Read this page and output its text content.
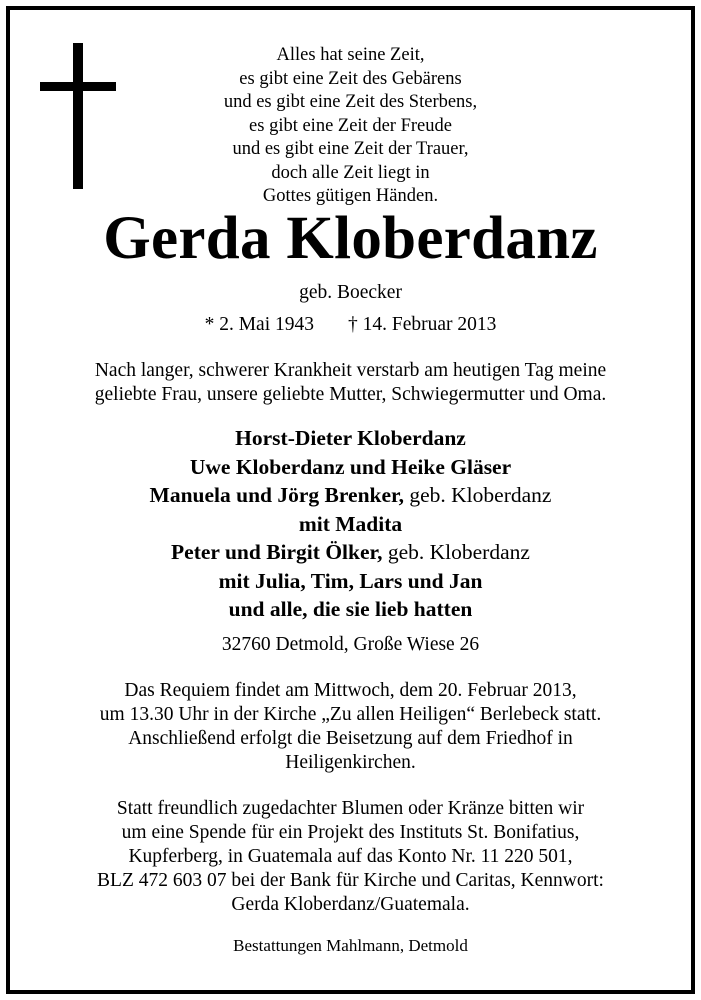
Alles hat seine Zeit,
es gibt eine Zeit des Gebärens
und es gibt eine Zeit des Sterbens,
es gibt eine Zeit der Freude
und es gibt eine Zeit der Trauer,
doch alle Zeit liegt in
Gottes gütigen Händen.
Gerda Kloberdanz
geb. Boecker
* 2. Mai 1943 † 14. Februar 2013
Nach langer, schwerer Krankheit verstarb am heutigen Tag meine
geliebte Frau, unsere geliebte Mutter, Schwiegermutter und Oma.
Horst-Dieter Kloberdanz
Uwe Kloberdanz und Heike Gläser
Manuela und Jörg Brenker, geb. Kloberdanz
mit Madita
Peter und Birgit Ölker, geb. Kloberdanz
mit Julia, Tim, Lars und Jan
und alle, die sie lieb hatten
32760 Detmold, Große Wiese 26
Das Requiem findet am Mittwoch, dem 20. Februar 2013,
um 13.30 Uhr in der Kirche „Zu allen Heiligen“ Berlebeck statt.
Anschließend erfolgt die Beisetzung auf dem Friedhof in
Heiligenkirchen.
Statt freundlich zugedachter Blumen oder Kränze bitten wir
um eine Spende für ein Projekt des Instituts St. Bonifatius,
Kupferberg, in Guatemala auf das Konto Nr. 11 220 501,
BLZ 472 603 07 bei der Bank für Kirche und Caritas, Kennwort:
Gerda Kloberdanz/Guatemala.
Bestattungen Mahlmann, Detmold
